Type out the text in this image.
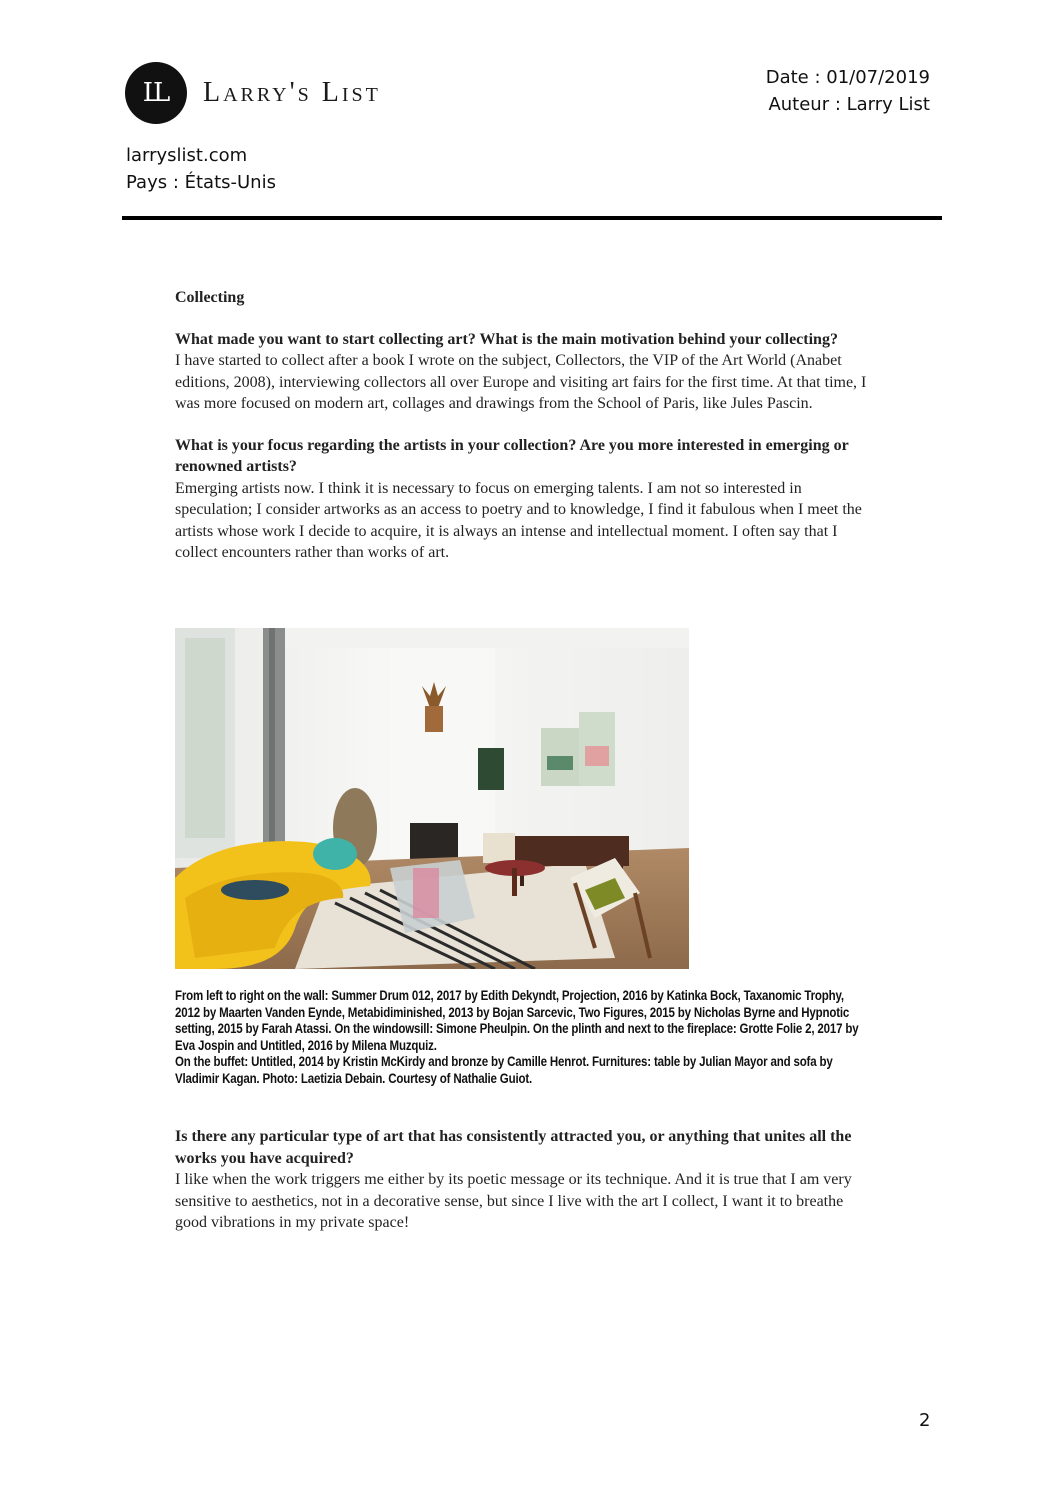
LL	Larry's List	Date : 01/07/2019
Auteur : Larry List
larryslist.com
Pays : États-Unis

Collecting

What made you want to start collecting art? What is the main motivation behind your collecting?

I have started to collect after a book I wrote on the subject, Collectors, the VIP of the Art World (Anabet editions, 2008), interviewing collectors all over Europe and visiting art fairs for the first time. At that time, I was more focused on modern art, collages and drawings from the School of Paris, like Jules Pascin.

What is your focus regarding the artists in your collection? Are you more interested in emerging or renowned artists?

Emerging artists now. I think it is necessary to focus on emerging talents. I am not so interested in speculation; I consider artworks as an access to poetry and to knowledge, I find it fabulous when I meet the artists whose work I decide to acquire, it is always an intense and intellectual moment. I often say that I collect encounters rather than works of art.

From left to right on the wall: Summer Drum 012, 2017 by Edith Dekyndt, Projection, 2016 by Katinka Bock, Taxanomic Trophy, 2012 by Maarten Vanden Eynde, Metabidiminished, 2013 by Bojan Sarcevic, Two Figures, 2015 by Nicholas Byrne and Hypnotic setting, 2015 by Farah Atassi. On the windowsill: Simone Pheulpin. On the plinth and next to the fireplace: Grotte Folie 2, 2017 by Eva Jospin and Untitled, 2016 by Milena Muzquiz.

On the buffet: Untitled, 2014 by Kristin McKirdy and bronze by Camille Henrot. Furnitures: table by Julian Mayor and sofa by Vladimir Kagan. Photo: Laetizia Debain. Courtesy of Nathalie Guiot.

Is there any particular type of art that has consistently attracted you, or anything that unites all the works you have acquired?

I like when the work triggers me either by its poetic message or its technique. And it is true that I am very sensitive to aesthetics, not in a decorative sense, but since I live with the art I collect, I want it to breathe good vibrations in my private space!

2
